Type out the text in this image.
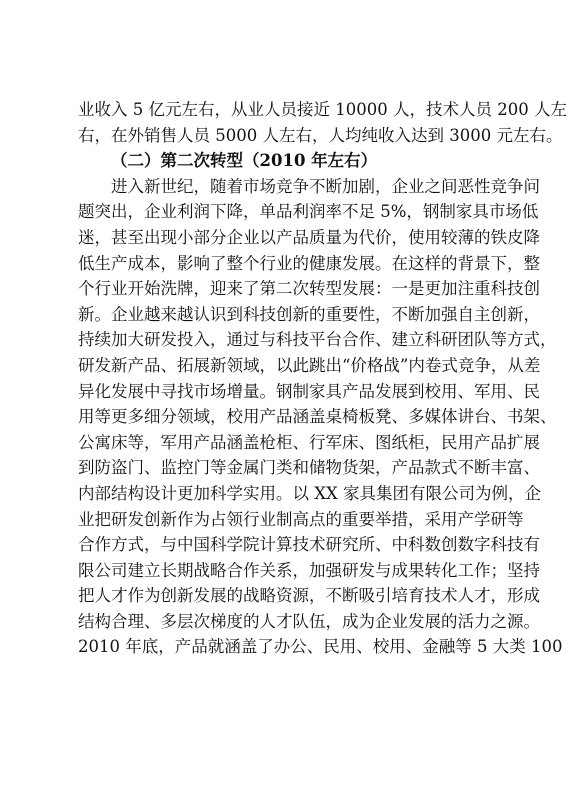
业收入 5 亿元左右，从业人员接近 10000 人，技术人员 200 人左
右，在外销售人员 5000 人左右，人均纯收入达到 3000 元左右。
（二）第二次转型（2010 年左右）
进入新世纪，随着市场竞争不断加剧，企业之间恶性竞争问
题突出，企业利润下降，单品利润率不足 5%，钢制家具市场低
迷，甚至出现小部分企业以产品质量为代价，使用较薄的铁皮降
低生产成本，影响了整个行业的健康发展。在这样的背景下，整
个行业开始洗牌，迎来了第二次转型发展：一是更加注重科技创
新。企业越来越认识到科技创新的重要性，不断加强自主创新，
持续加大研发投入，通过与科技平台合作、建立科研团队等方式，
研发新产品、拓展新领域，以此跳出“价格战”内卷式竞争，从差
异化发展中寻找市场增量。钢制家具产品发展到校用、军用、民
用等更多细分领域，校用产品涵盖桌椅板凳、多媒体讲台、书架、
公寓床等，军用产品涵盖枪柜、行军床、图纸柜，民用产品扩展
到防盗门、监控门等金属门类和储物货架，产品款式不断丰富、
内部结构设计更加科学实用。以 XX 家具集团有限公司为例，企
业把研发创新作为占领行业制高点的重要举措，采用产学研等
合作方式，与中国科学院计算技术研究所、中科数创数字科技有
限公司建立长期战略合作关系，加强研发与成果转化工作；坚持
把人才作为创新发展的战略资源，不断吸引培育技术人才，形成
结构合理、多层次梯度的人才队伍，成为企业发展的活力之源。
2010 年底，产品就涵盖了办公、民用、校用、金融等 5 大类 100
